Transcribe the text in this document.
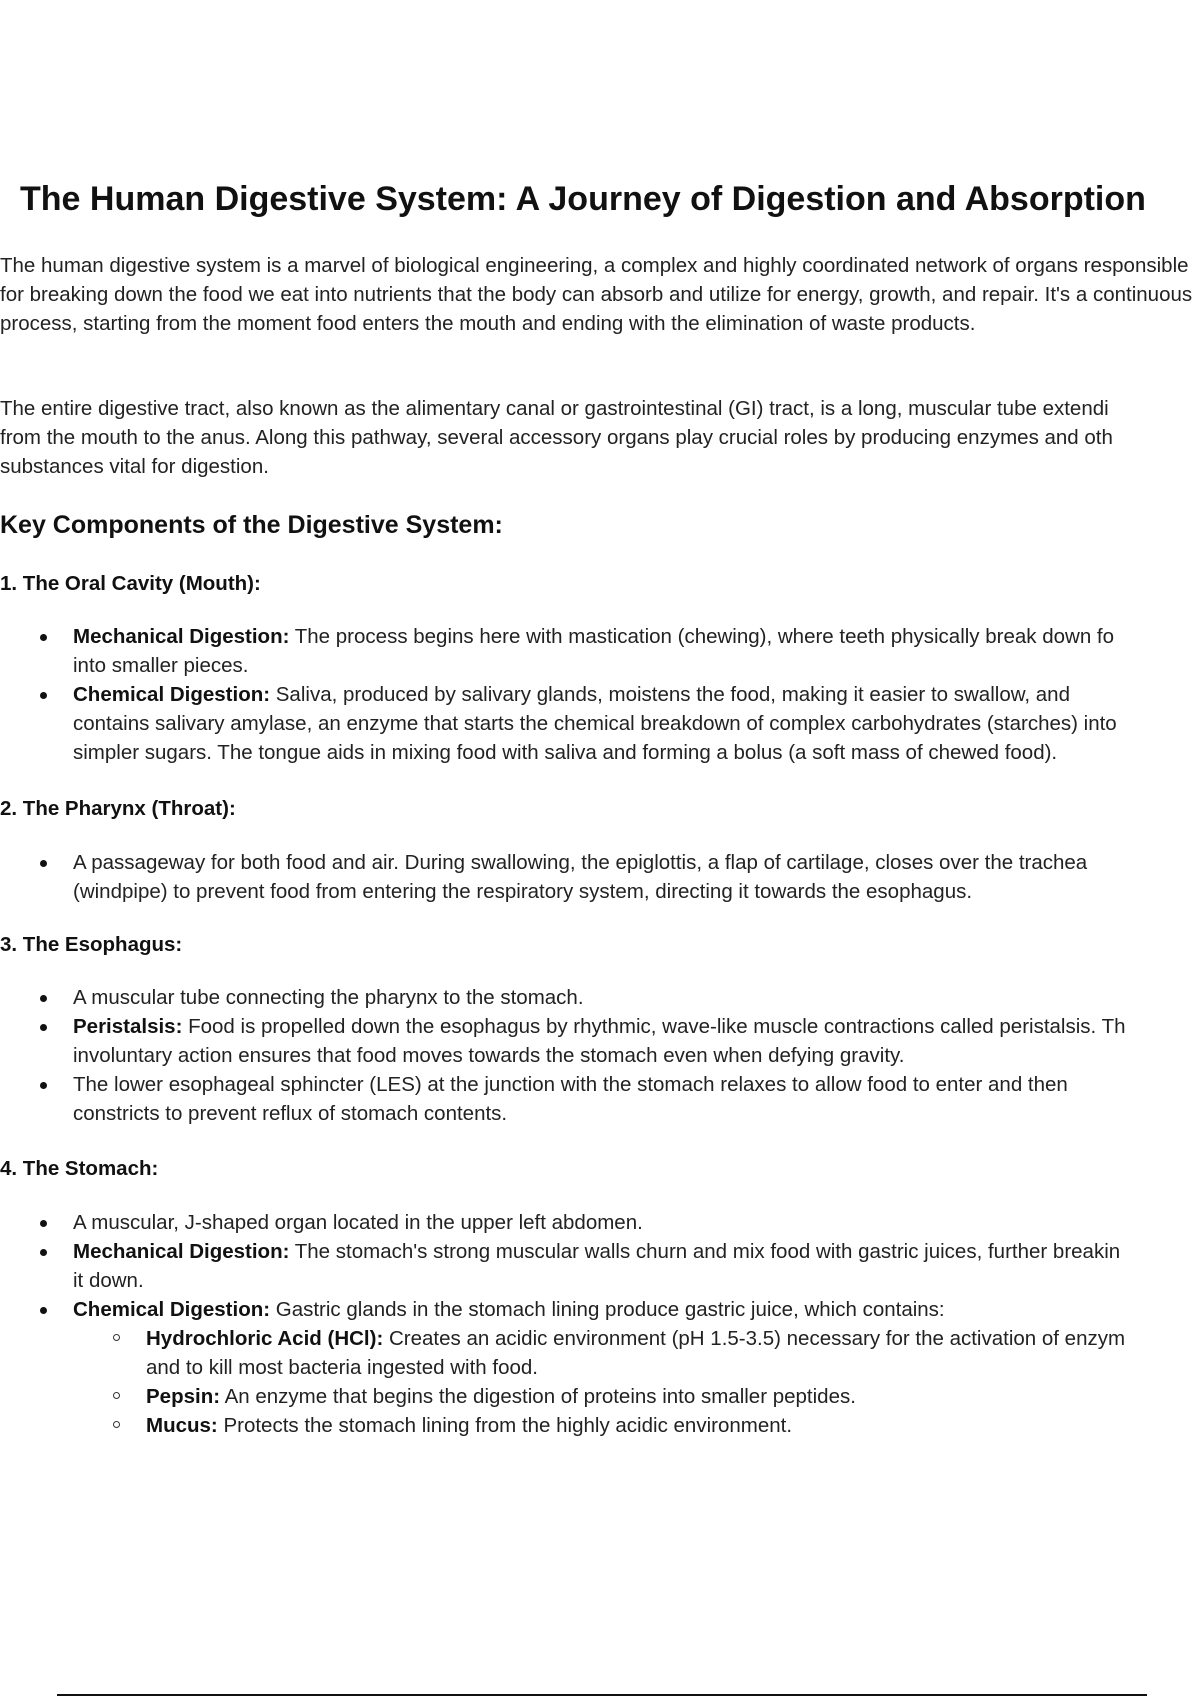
The Human Digestive System: A Journey of Digestion and Absorption

The human digestive system is a marvel of biological engineering, a complex and highly coordinated network of organs responsible for breaking down the food we eat into nutrients that the body can absorb and utilize for energy, growth, and repair. It's a continuous process, starting from the moment food enters the mouth and ending with the elimination of waste products.

The entire digestive tract, also known as the alimentary canal or gastrointestinal (GI) tract, is a long, muscular tube extendi
from the mouth to the anus. Along this pathway, several accessory organs play crucial roles by producing enzymes and oth
substances vital for digestion.

Key Components of the Digestive System:
1. The Oral Cavity (Mouth):
Mechanical Digestion: The process begins here with mastication (chewing), where teeth physically break down fo
into smaller pieces.
Chemical Digestion: Saliva, produced by salivary glands, moistens the food, making it easier to swallow, and
contains salivary amylase, an enzyme that starts the chemical breakdown of complex carbohydrates (starches) into
simpler sugars. The tongue aids in mixing food with saliva and forming a bolus (a soft mass of chewed food).
2. The Pharynx (Throat):
A passageway for both food and air. During swallowing, the epiglottis, a flap of cartilage, closes over the trachea
(windpipe) to prevent food from entering the respiratory system, directing it towards the esophagus.
3. The Esophagus:
A muscular tube connecting the pharynx to the stomach.
Peristalsis: Food is propelled down the esophagus by rhythmic, wave-like muscle contractions called peristalsis. Th
involuntary action ensures that food moves towards the stomach even when defying gravity.
The lower esophageal sphincter (LES) at the junction with the stomach relaxes to allow food to enter and then
constricts to prevent reflux of stomach contents.
4. The Stomach:
A muscular, J-shaped organ located in the upper left abdomen.
Mechanical Digestion: The stomach's strong muscular walls churn and mix food with gastric juices, further breakin
it down.
Chemical Digestion: Gastric glands in the stomach lining produce gastric juice, which contains:
Hydrochloric Acid (HCl): Creates an acidic environment (pH 1.5-3.5) necessary for the activation of enzym
and to kill most bacteria ingested with food.
Pepsin: An enzyme that begins the digestion of proteins into smaller peptides.
Mucus: Protects the stomach lining from the highly acidic environment.
